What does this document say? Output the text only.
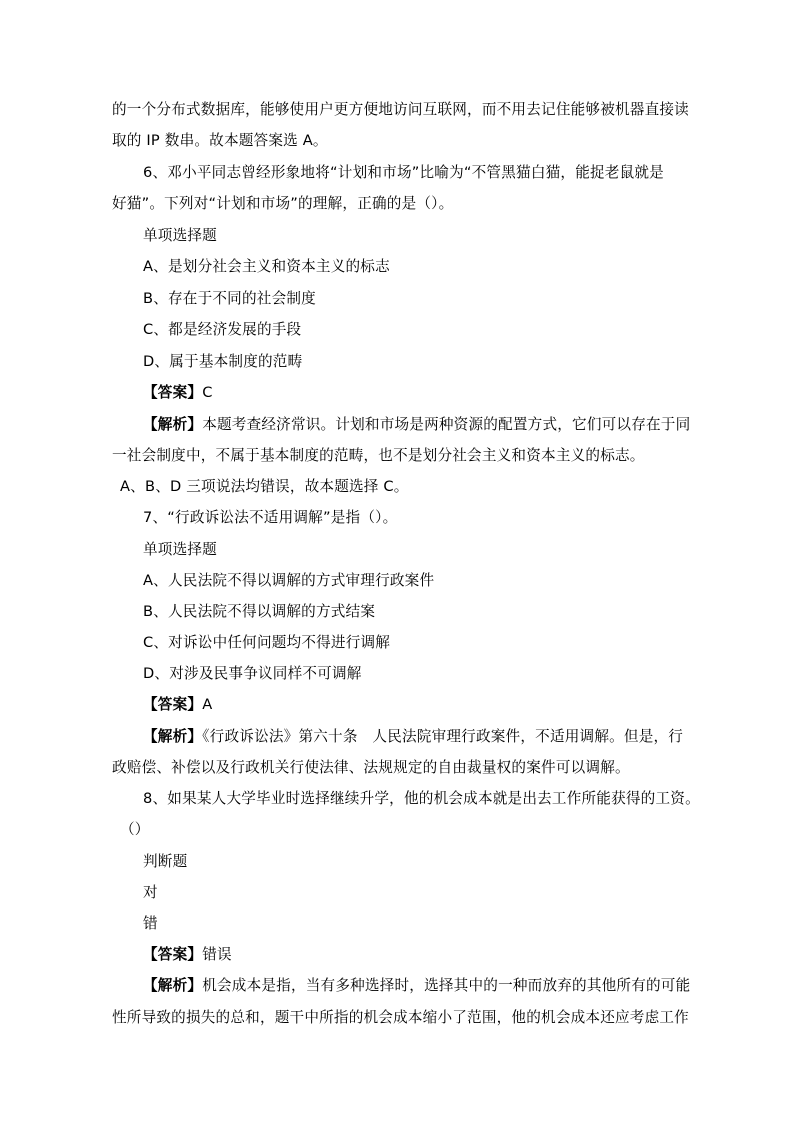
的一个分布式数据库，能够使用户更方便地访问互联网，而不用去记住能够被机器直接读
取的 IP 数串。故本题答案选 A。
6、邓小平同志曾经形象地将“计划和市场”比喻为“不管黑猫白猫，能捉老鼠就是
好猫”。下列对“计划和市场”的理解，正确的是（）。
单项选择题
A、是划分社会主义和资本主义的标志
B、存在于不同的社会制度
C、都是经济发展的手段
D、属于基本制度的范畴
【答案】C
【解析】本题考查经济常识。计划和市场是两种资源的配置方式，它们可以存在于同
一社会制度中，不属于基本制度的范畴，也不是划分社会主义和资本主义的标志。
A、B、D 三项说法均错误，故本题选择 C。
7、“行政诉讼法不适用调解”是指（）。
单项选择题
A、人民法院不得以调解的方式审理行政案件
B、人民法院不得以调解的方式结案
C、对诉讼中任何问题均不得进行调解
D、对涉及民事争议同样不可调解
【答案】A
【解析】《行政诉讼法》第六十条　人民法院审理行政案件，不适用调解。但是，行
政赔偿、补偿以及行政机关行使法律、法规规定的自由裁量权的案件可以调解。
8、如果某人大学毕业时选择继续升学，他的机会成本就是出去工作所能获得的工资。
（）
判断题
对
错
【答案】错误
【解析】机会成本是指，当有多种选择时，选择其中的一种而放弃的其他所有的可能
性所导致的损失的总和，题干中所指的机会成本缩小了范围，他的机会成本还应考虑工作
